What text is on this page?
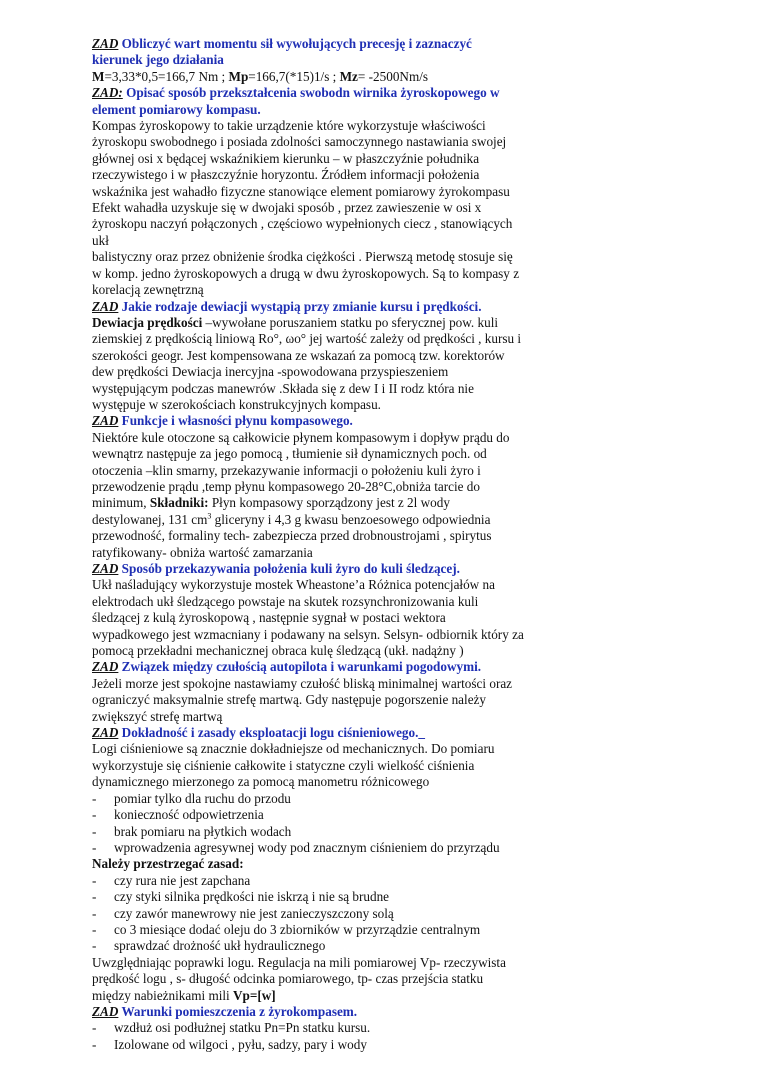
ZAD Obliczyć wart momentu sił wywołujących precesję i zaznaczyć
kierunek jego działania
M=3,33*0,5=166,7 Nm ; Mp=166,7(*15)1/s ; Mz= -2500Nm/s
ZAD: Opisać sposób przekształcenia swobodn wirnika żyroskopowego w
element pomiarowy kompasu.
Kompas żyroskopowy to takie urządzenie które wykorzystuje właściwości
żyroskopu swobodnego i posiada zdolności samoczynnego nastawiania swojej
głównej osi x będącej wskaźnikiem kierunku – w płaszczyźnie południka
rzeczywistego i w płaszczyźnie horyzontu. Źródłem informacji położenia
wskaźnika jest wahadło fizyczne stanowiące element pomiarowy żyrokompasu
Efekt wahadła uzyskuje się w dwojaki sposób , przez zawieszenie w osi x
żyroskopu naczyń połączonych , częściowo wypełnionych ciecz , stanowiących
ukł
balistyczny oraz przez obniżenie środka ciężkości . Pierwszą metodę stosuje się
w komp. jedno żyroskopowych a drugą w dwu żyroskopowych. Są to kompasy z
korelacją zewnętrzną
ZAD Jakie rodzaje dewiacji wystąpią przy zmianie kursu i prędkości.
Dewiacja prędkości –wywołane poruszaniem statku po sferycznej pow. kuli
ziemskiej z prędkością liniową Ro°, ωo° jej wartość zależy od prędkości , kursu i
szerokości geogr. Jest kompensowana ze wskazań za pomocą tzw. korektorów
dew prędkości Dewiacja inercyjna -spowodowana przyspieszeniem
występującym podczas manewrów .Składa się z dew I i II rodz która nie
występuje w szerokościach konstrukcyjnych kompasu.
ZAD Funkcje i własności płynu kompasowego.
Niektóre kule otoczone są całkowicie płynem kompasowym i dopływ prądu do
wewnątrz następuje za jego pomocą , tłumienie sił dynamicznych poch. od
otoczenia –klin smarny, przekazywanie informacji o położeniu kuli żyro i
przewodzenie prądu ,temp płynu kompasowego 20-28°C,obniża tarcie do
minimum, Składniki: Płyn kompasowy sporządzony jest z 2l wody
destylowanej, 131 $cm^3$ gliceryny i 4,3 g kwasu benzoesowego odpowiednia
przewodność, formaliny tech- zabezpiecza przed drobnoustrojami , spirytus
ratyfikowany- obniża wartość zamarzania
ZAD Sposób przekazywania położenia kuli żyro do kuli śledzącej.
Ukł naśladujący wykorzystuje mostek Wheastone’a Różnica potencjałów na
elektrodach ukł śledzącego powstaje na skutek rozsynchronizowania kuli
śledzącej z kulą żyroskopową , następnie sygnał w postaci wektora
wypadkowego jest wzmacniany i podawany na selsyn. Selsyn- odbiornik który za
pomocą przekładni mechanicznej obraca kulę śledzącą (ukł. nadążny )
ZAD Związek między czułością autopilota i warunkami pogodowymi.
Jeżeli morze jest spokojne nastawiamy czułość bliską minimalnej wartości oraz
ograniczyć maksymalnie strefę martwą. Gdy następuje pogorszenie należy
zwiększyć strefę martwą
ZAD Dokładność i zasady eksploatacji logu ciśnieniowego._
Logi ciśnieniowe są znacznie dokładniejsze od mechanicznych. Do pomiaru
wykorzystuje się ciśnienie całkowite i statyczne czyli wielkość ciśnienia
dynamicznego mierzonego za pomocą manometru różnicowego
-	pomiar tylko dla ruchu do przodu
-	konieczność odpowietrzenia
-	brak pomiaru na płytkich wodach
-	wprowadzenia agresywnej wody pod znacznym ciśnieniem do przyrządu
Należy przestrzegać zasad:
-	czy rura nie jest zapchana
-	czy styki silnika prędkości nie iskrzą i nie są brudne
-	czy zawór manewrowy nie jest zanieczyszczony solą
-	co 3 miesiące dodać oleju do 3 zbiorników w przyrządzie centralnym
-	sprawdzać drożność ukł hydraulicznego
Uwzględniając poprawki logu. Regulacja na mili pomiarowej Vp- rzeczywista
prędkość logu , s- długość odcinka pomiarowego, tp- czas przejścia statku
między nabieżnikami mili Vp=[w]
ZAD Warunki pomieszczenia z żyrokompasem.
-	wzdłuż osi podłużnej statku Pn=Pn statku kursu.
-	Izolowane od wilgoci , pyłu, sadzy, pary i wody
